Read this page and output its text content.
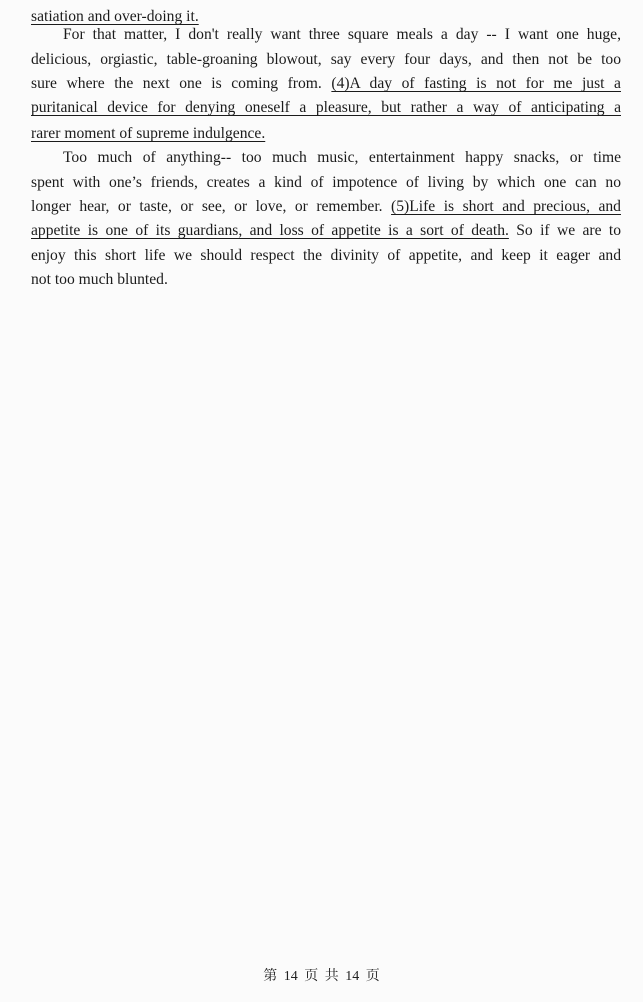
satiation and over-doing it.
For that matter, I don't really want three square meals a day -- I want one huge,
delicious, orgiastic, table-groaning blowout, say every four days, and then not be too
sure where the next one is coming from. (4)A day of fasting is not for me just a
puritanical device for denying oneself a pleasure, but rather a way of anticipating a
rarer moment of supreme indulgence.
Too much of anything-- too much music, entertainment happy snacks, or time
spent with one’s friends, creates a kind of impotence of living by which one can no
longer hear, or taste, or see, or love, or remember. (5)Life is short and precious, and
appetite is one of its guardians, and loss of appetite is a sort of death. So if we are to
enjoy this short life we should respect the divinity of appetite, and keep it eager and
not too much blunted.
第 14 页 共 14 页
